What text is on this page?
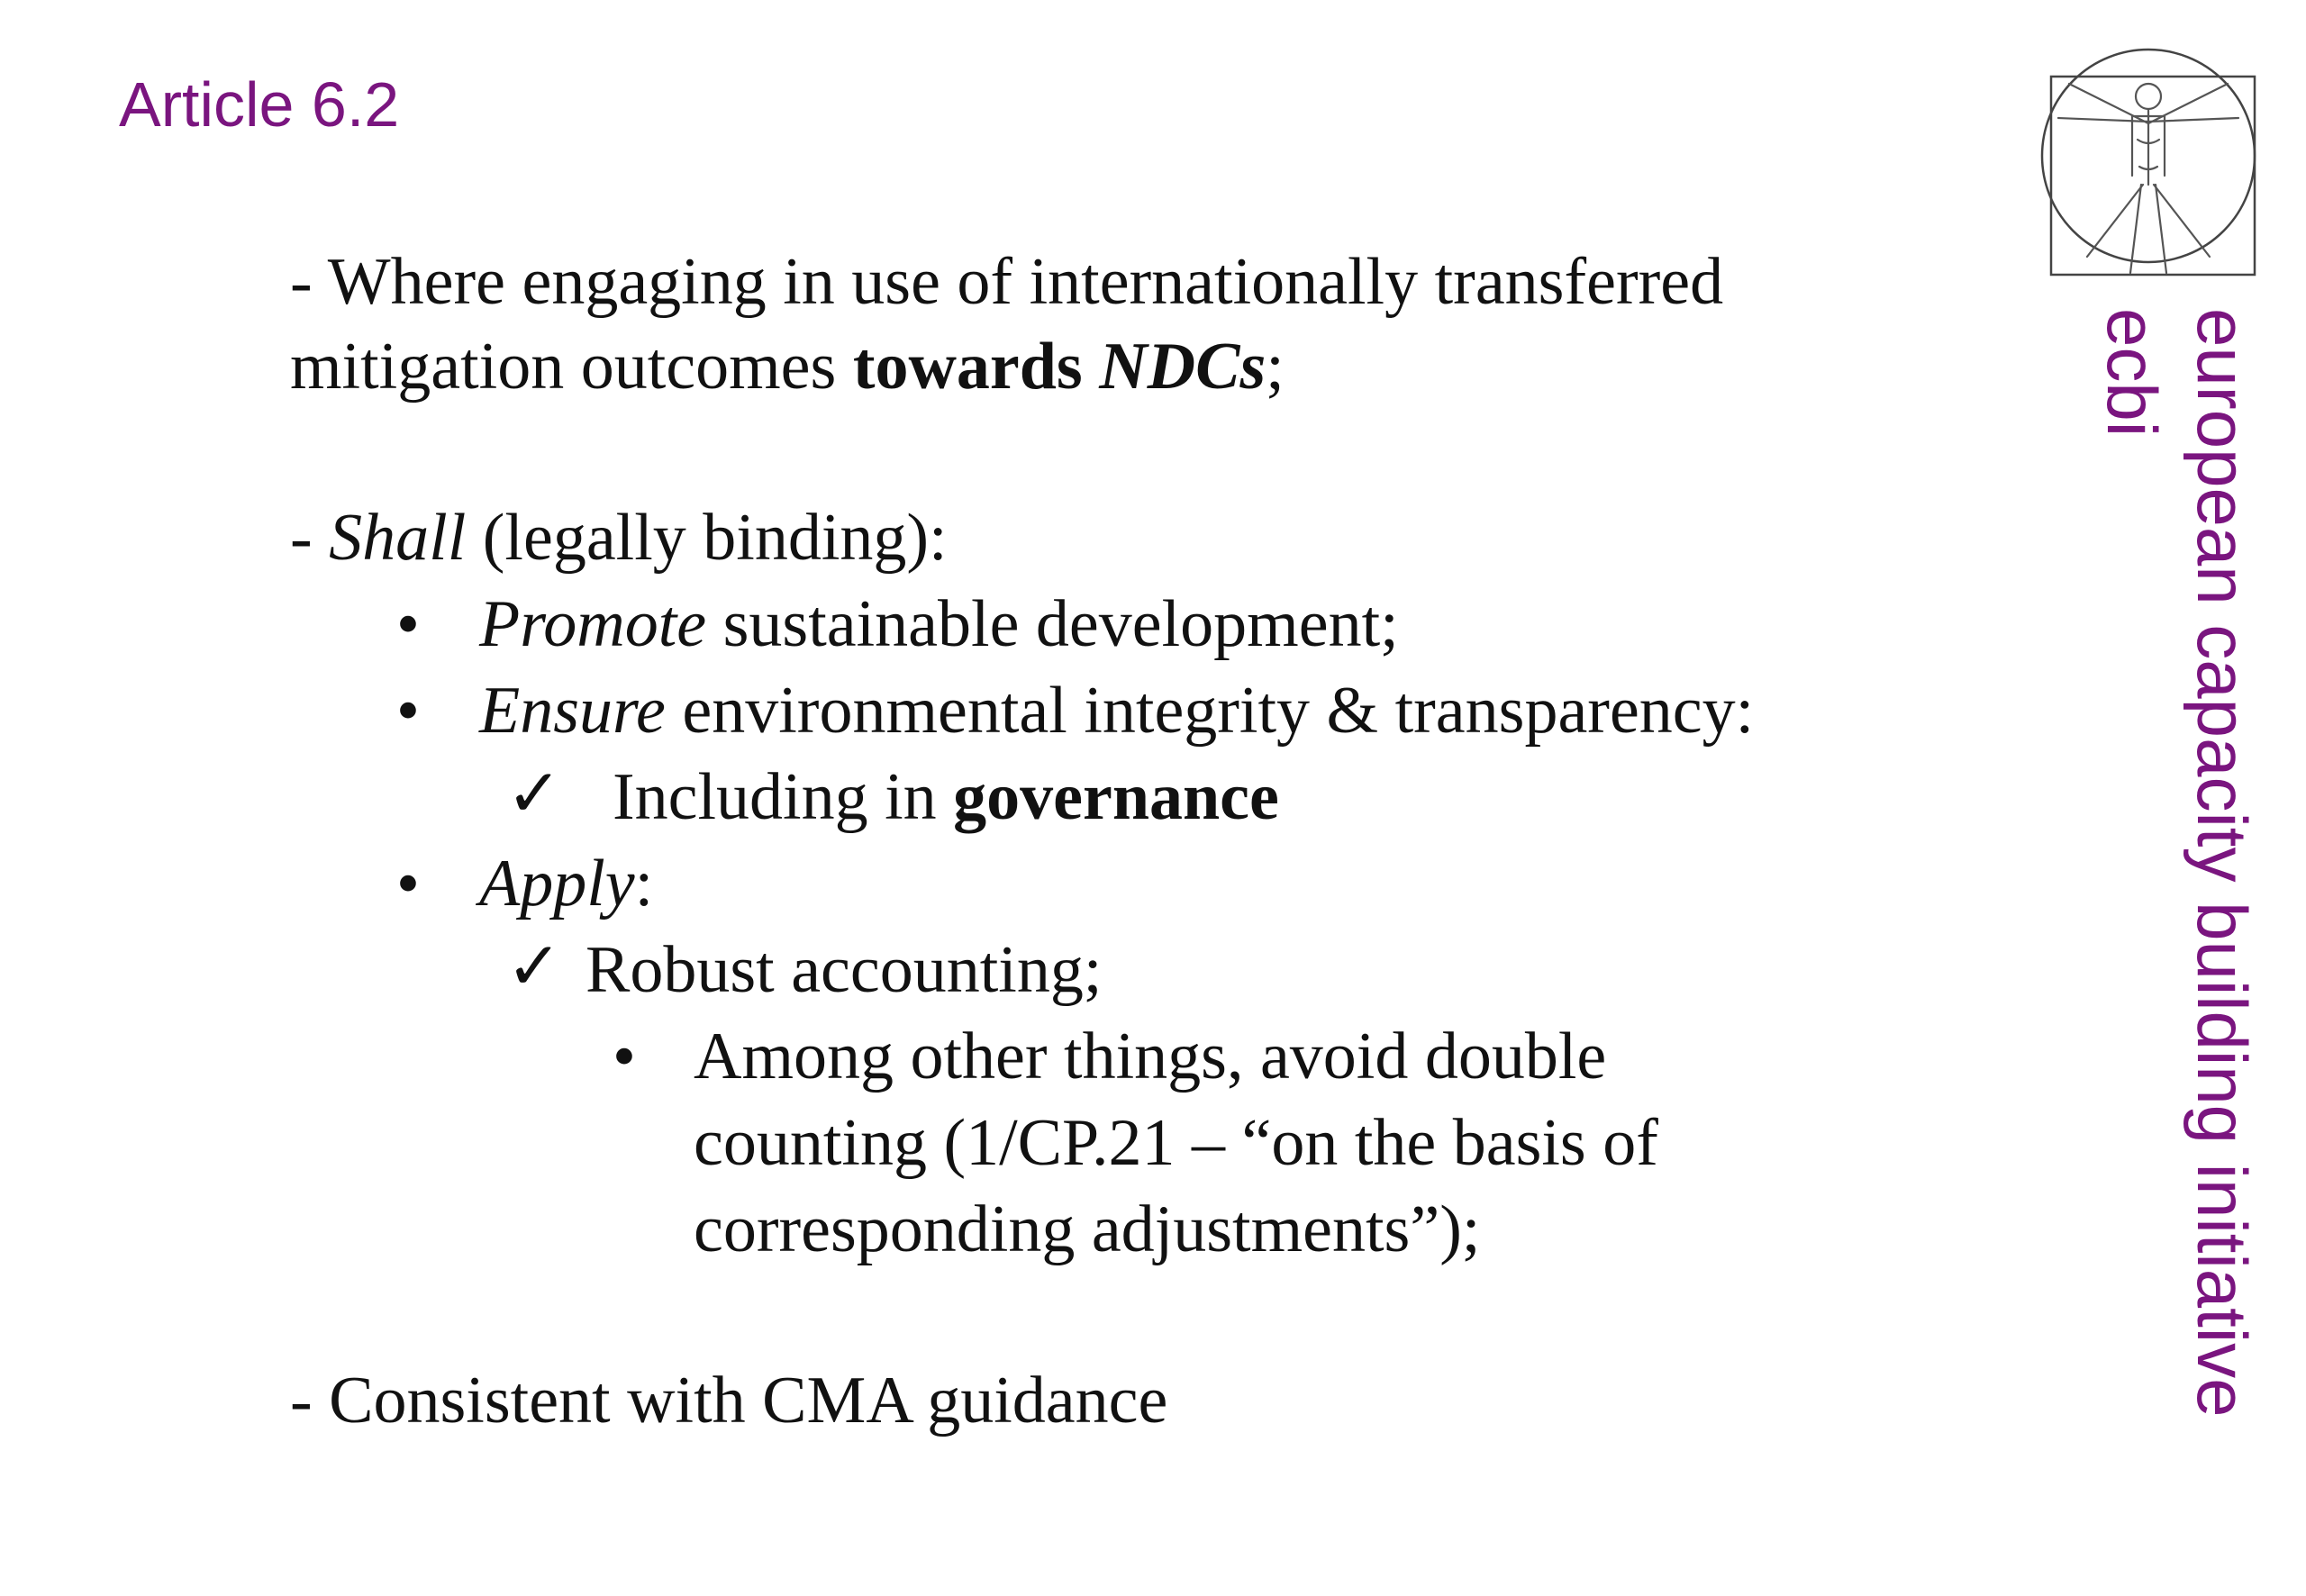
Article 6.2
- Where engaging in use of internationally transferred
mitigation outcomes towards NDCs;
- Shall (legally binding):
• Promote sustainable development;
• Ensure environmental integrity & transparency:
✓ Including in governance
• Apply:
✓ Robust accounting;
• Among other things, avoid double
counting (1/CP.21 – “on the basis of
corresponding adjustments”);
- Consistent with CMA guidance	european capacity building initiative
ecbi
